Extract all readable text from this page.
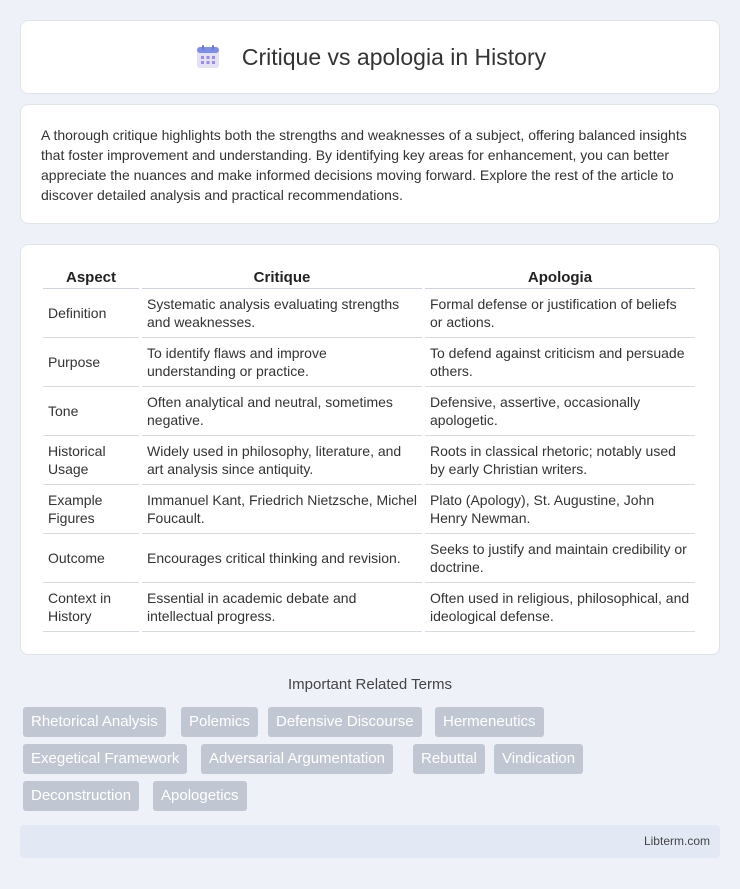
Critique vs apologia in History

A thorough critique highlights both the strengths and weaknesses of a subject, offering balanced insights that foster improvement and understanding. By identifying key areas for enhancement, you can better appreciate the nuances and make informed decisions moving forward. Explore the rest of the article to discover detailed analysis and practical recommendations.

Aspect	Critique	Apologia
Definition	Systematic analysis evaluating strengths and weaknesses.	Formal defense or justification of beliefs or actions.
Purpose	To identify flaws and improve understanding or practice.	To defend against criticism and persuade others.
Tone	Often analytical and neutral, sometimes negative.	Defensive, assertive, occasionally apologetic.
Historical Usage	Widely used in philosophy, literature, and art analysis since antiquity.	Roots in classical rhetoric; notably used by early Christian writers.
Example Figures	Immanuel Kant, Friedrich Nietzsche, Michel Foucault.	Plato (Apology), St. Augustine, John Henry Newman.
Outcome	Encourages critical thinking and revision.	Seeks to justify and maintain credibility or doctrine.
Context in History	Essential in academic debate and intellectual progress.	Often used in religious, philosophical, and ideological defense.
Important Related Terms
Rhetorical Analysis	Polemics	Defensive Discourse	Hermeneutics
Exegetical Framework	Adversarial Argumentation	Rebuttal	Vindication
Deconstruction	Apologetics
Libterm.com
